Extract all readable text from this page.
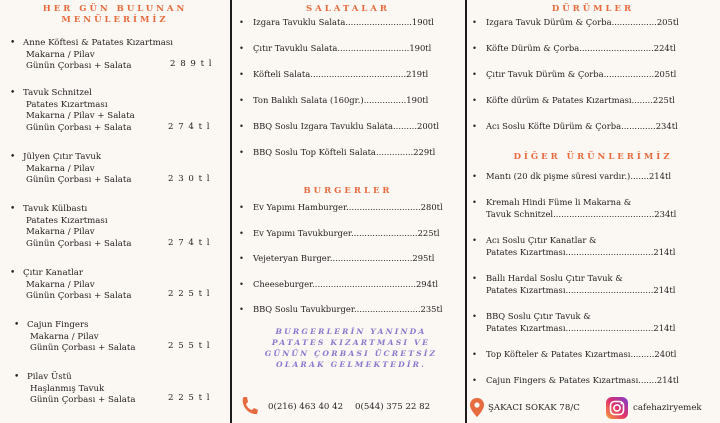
HER GÜN BULUNAN
MENÜLERİMİZ
• Anne Köftesi & Patates Kızartması
Makarna / Pilav
Günün Çorbası + Salata	2 8 9 t l
• Tavuk Schnitzel
Patates Kızartması
Makarna / Pilav + Salata
Günün Çorbası + Salata	2 7 4 t l
• Jülyen Çıtır Tavuk
Makarna / Pilav
Günün Çorbası + Salata	2 3 0 t l
• Tavuk Külbastı
Patates Kızartması
Makarna / Pilav
Günün Çorbası + Salata	2 7 4 t l
• Çıtır Kanatlar
Makarna / Pilav
Günün Çorbası + Salata	2 2 5 t l
• Cajun Fingers
Makarna / Pilav
Günün Çorbası + Salata	2 5 5 t l
• Pilav Üstü
Haşlanmış Tavuk
Günün Çorbası + Salata	2 2 5 t l
SALATALAR
• Izgara Tavuklu Salata.........................190tl
• Çıtır Tavuklu Salata...........................190tl
• Köfteli Salata....................................219tl
• Ton Balıklı Salata (160gr.)................190tl
• BBQ Soslu Izgara Tavuklu Salata.........200tl
• BBQ Soslu Top Köfteli Salata..............229tl
BURGERLER
• Ev Yapımı Hamburger............................280tl
• Ev Yapımı Tavukburger.........................225tl
• Vejeteryan Burger...............................295tl
• Cheeseburger.......................................294tl
• BBQ Soslu Tavukburger.........................235tl
BURGERLERİN YANINDA
PATATES KIZARTMASI VE
GÜNÜN ÇORBASI ÜCRETSİZ
OLARAK GELMEKTEDİR.
DÜRÜMLER
• Izgara Tavuk Dürüm & Çorba.................205tl
• Köfte Dürüm & Çorba............................224tl
• Çıtır Tavuk Dürüm & Çorba...................205tl
• Köfte dürüm & Patates Kızartması........225tl
• Acı Soslu Köfte Dürüm & Çorba.............234tl
DİĞER ÜRÜNLERİMİZ
• Mantı (20 dk pişme süresi vardır.).......214tl
• Kremalı Hindi Füme li Makarna &
Tavuk Schnitzel......................................234tl
• Acı Soslu Çıtır Kanatlar &
Patates Kızartması.................................214tl
• Ballı Hardal Soslu Çıtır Tavuk &
Patates Kızartması.................................214tl
• BBQ Soslu Çıtır Tavuk &
Patates Kızartması.................................214tl
• Top Köfteler & Patates Kızartması.........240tl
• Cajun Fingers & Patates Kızartması.......214tl
0(216) 463 40 42 0(544) 375 22 82	ŞAKACI SOKAK 78/C	cafehaziryemek
